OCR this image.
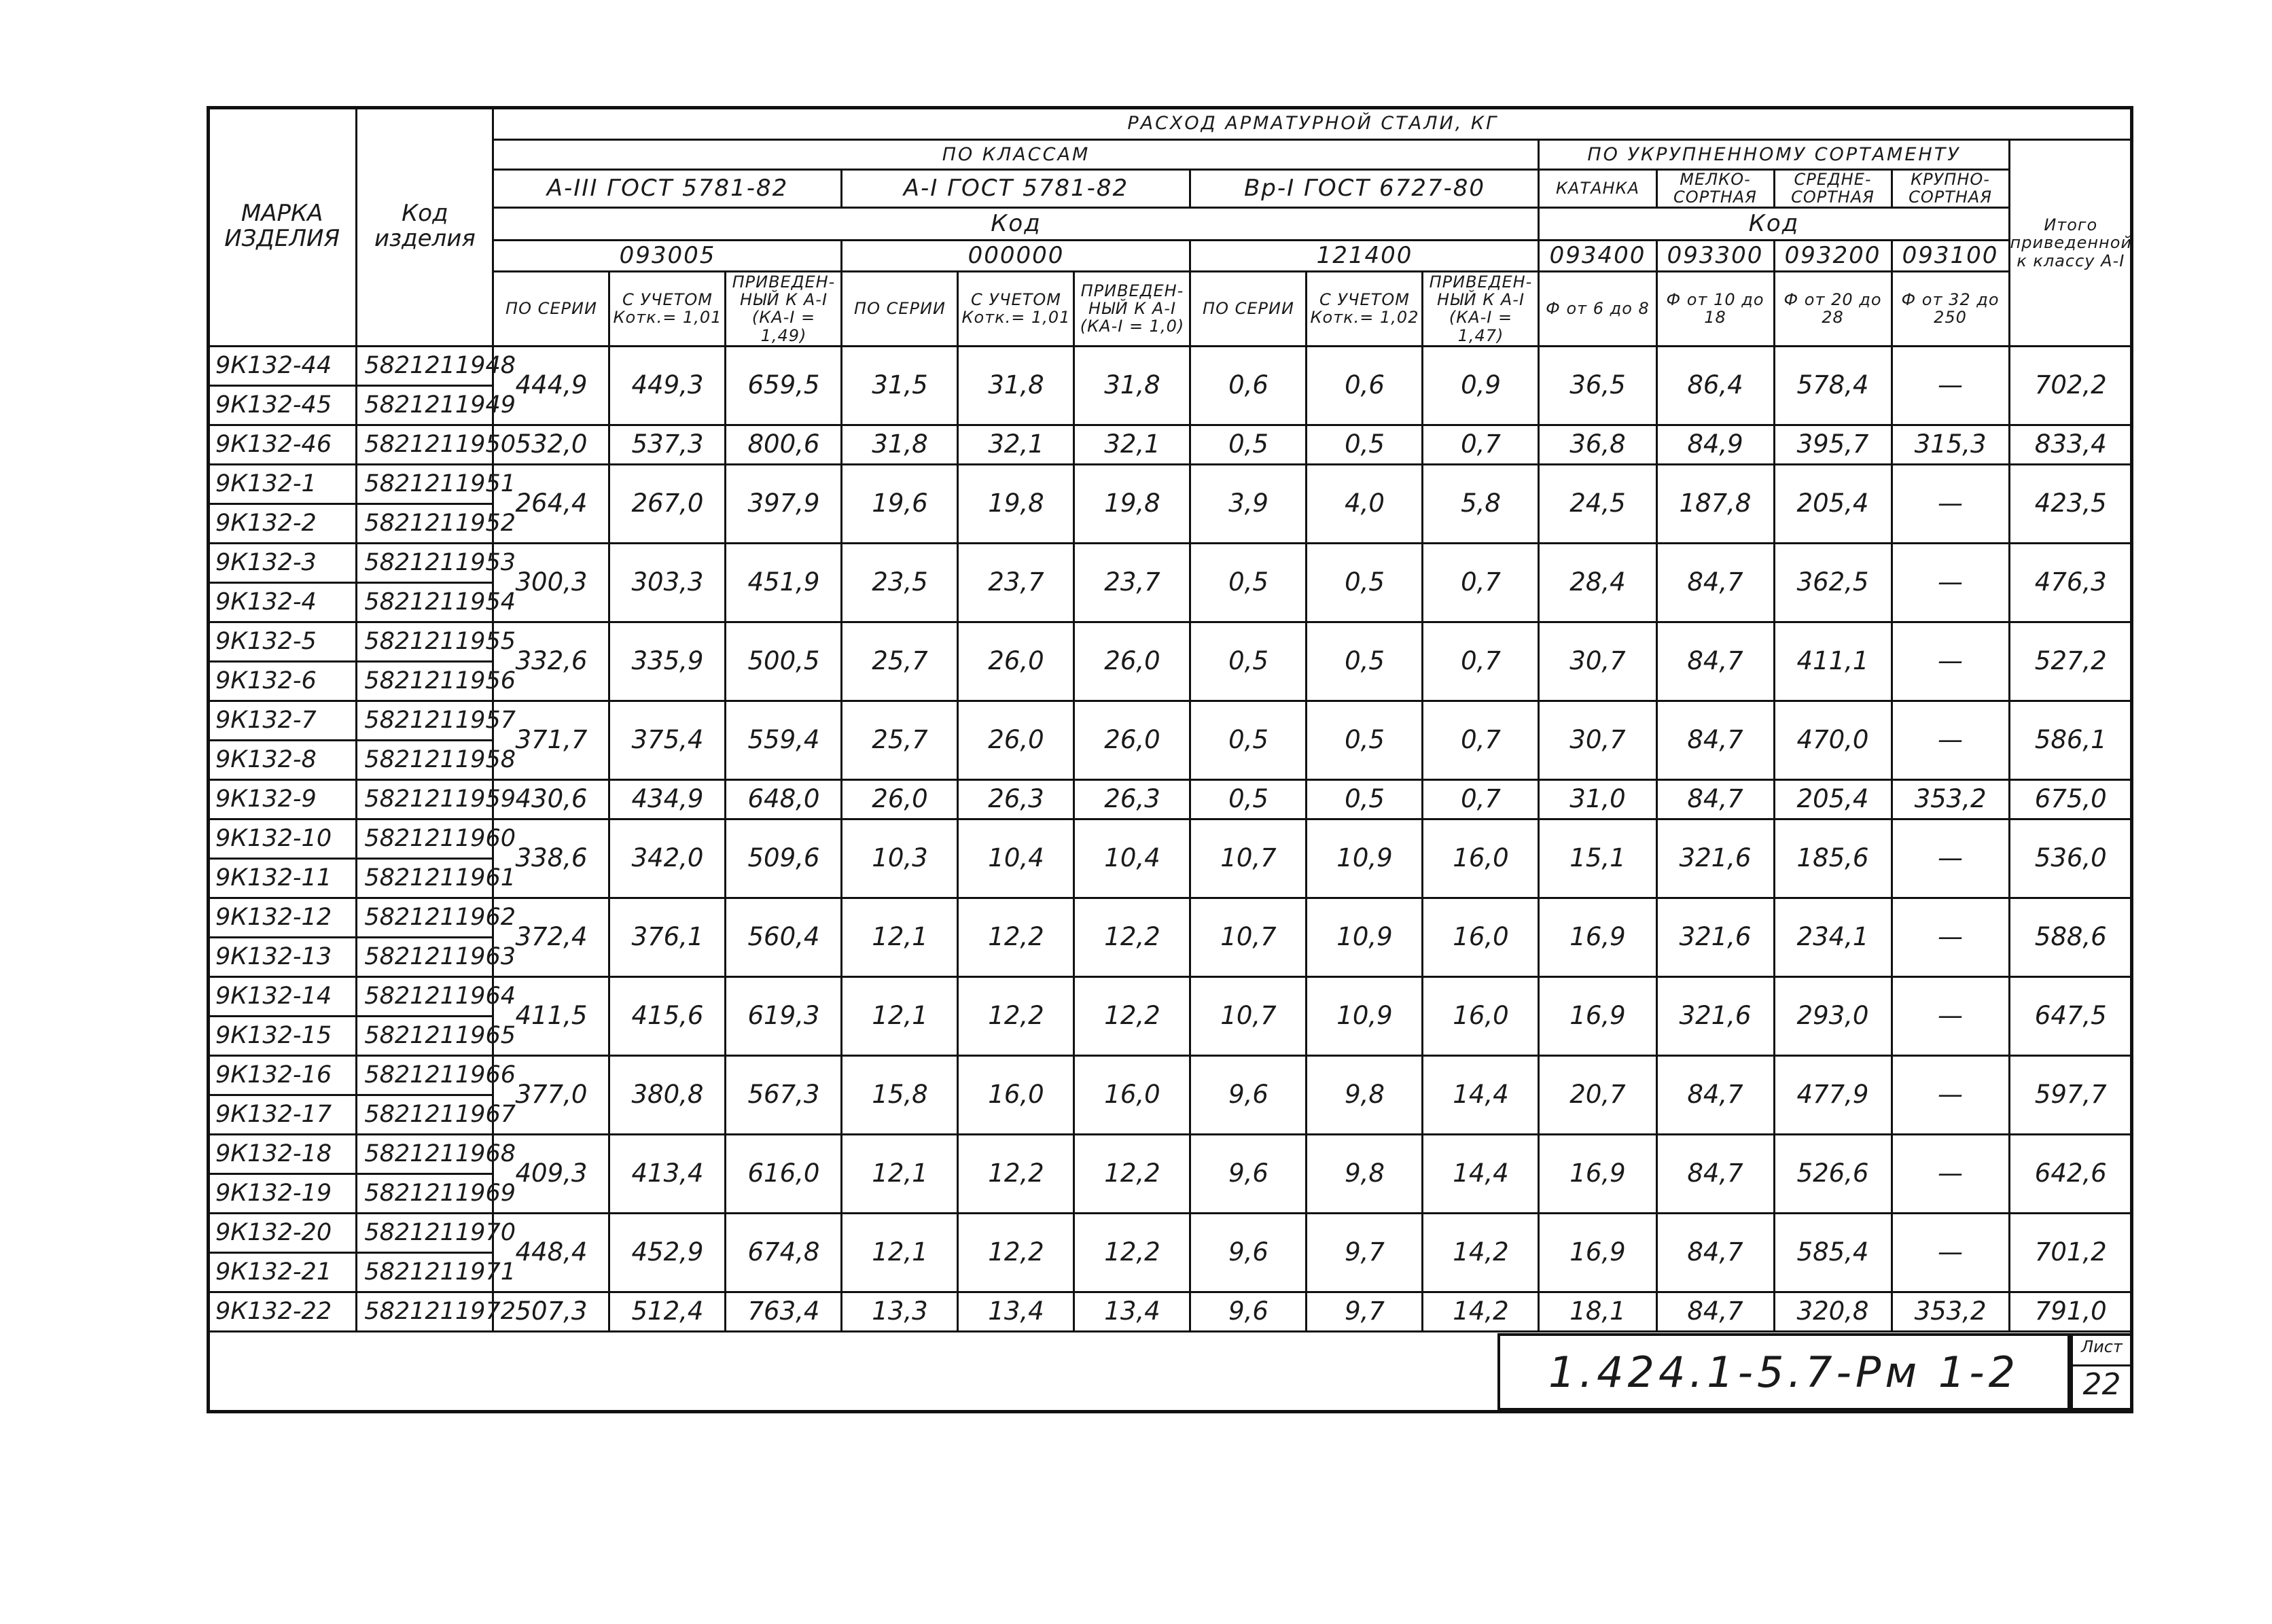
МАРКА ИЗДЕЛИЯ	Код изделия	РАСХОД АРМАТУРНОЙ СТАЛИ, КГ													
		ПО КЛАССАМ									ПО УКРУПНЕННОМУ СОРТАМЕНТУ				Итого приведенной к классу А-I
		А-III ГОСТ 5781-82			А-I ГОСТ 5781-82			Вр-I ГОСТ 6727-80			КАТАНКА	МЕЛКО-СОРТНАЯ	СРЕДНЕ-СОРТНАЯ	КРУПНО-СОРТНАЯ	
		Код									Код				
		093005			000000			121400			093400	093300	093200	093100	
		ПО СЕРИИ	С УЧЕТОМ Котк.= 1,01	ПРИВЕДЕН-НЫЙ К А-I (КА-I = 1,49)	ПО СЕРИИ	С УЧЕТОМ Котк.= 1,01	ПРИВЕДЕН-НЫЙ К А-I (КА-I = 1,0)	ПО СЕРИИ	С УЧЕТОМ Котк.= 1,02	ПРИВЕДЕН-НЫЙ К А-I (КА-I = 1,47)	Ф от 6 до 8	Ф от 10 до 18	Ф от 20 до 28	Ф от 32 до 250	
9К132-44	5821211948	444,9	449,3	659,5	31,5	31,8	31,8	0,6	0,6	0,9	36,5	86,4	578,4	—	702,2
9К132-45	5821211949														
9К132-46	5821211950	532,0	537,3	800,6	31,8	32,1	32,1	0,5	0,5	0,7	36,8	84,9	395,7	315,3	833,4
9К132-1	5821211951	264,4	267,0	397,9	19,6	19,8	19,8	3,9	4,0	5,8	24,5	187,8	205,4	—	423,5
9К132-2	5821211952														
9К132-3	5821211953	300,3	303,3	451,9	23,5	23,7	23,7	0,5	0,5	0,7	28,4	84,7	362,5	—	476,3
9К132-4	5821211954														
9К132-5	5821211955	332,6	335,9	500,5	25,7	26,0	26,0	0,5	0,5	0,7	30,7	84,7	411,1	—	527,2
9К132-6	5821211956														
9К132-7	5821211957	371,7	375,4	559,4	25,7	26,0	26,0	0,5	0,5	0,7	30,7	84,7	470,0	—	586,1
9К132-8	5821211958														
9К132-9	5821211959	430,6	434,9	648,0	26,0	26,3	26,3	0,5	0,5	0,7	31,0	84,7	205,4	353,2	675,0
9К132-10	5821211960	338,6	342,0	509,6	10,3	10,4	10,4	10,7	10,9	16,0	15,1	321,6	185,6	—	536,0
9К132-11	5821211961														
9К132-12	5821211962	372,4	376,1	560,4	12,1	12,2	12,2	10,7	10,9	16,0	16,9	321,6	234,1	—	588,6
9К132-13	5821211963														
9К132-14	5821211964	411,5	415,6	619,3	12,1	12,2	12,2	10,7	10,9	16,0	16,9	321,6	293,0	—	647,5
9К132-15	5821211965														
9К132-16	5821211966	377,0	380,8	567,3	15,8	16,0	16,0	9,6	9,8	14,4	20,7	84,7	477,9	—	597,7
9К132-17	5821211967														
9К132-18	5821211968	409,3	413,4	616,0	12,1	12,2	12,2	9,6	9,8	14,4	16,9	84,7	526,6	—	642,6
9К132-19	5821211969														
9К132-20	5821211970	448,4	452,9	674,8	12,1	12,2	12,2	9,6	9,7	14,2	16,9	84,7	585,4	—	701,2
9К132-21	5821211971														
9К132-22	5821211972	507,3	512,4	763,4	13,3	13,4	13,4	9,6	9,7	14,2	18,1	84,7	320,8	353,2	791,0
1.424.1-5.7-Рм 1-2
Лист
22
